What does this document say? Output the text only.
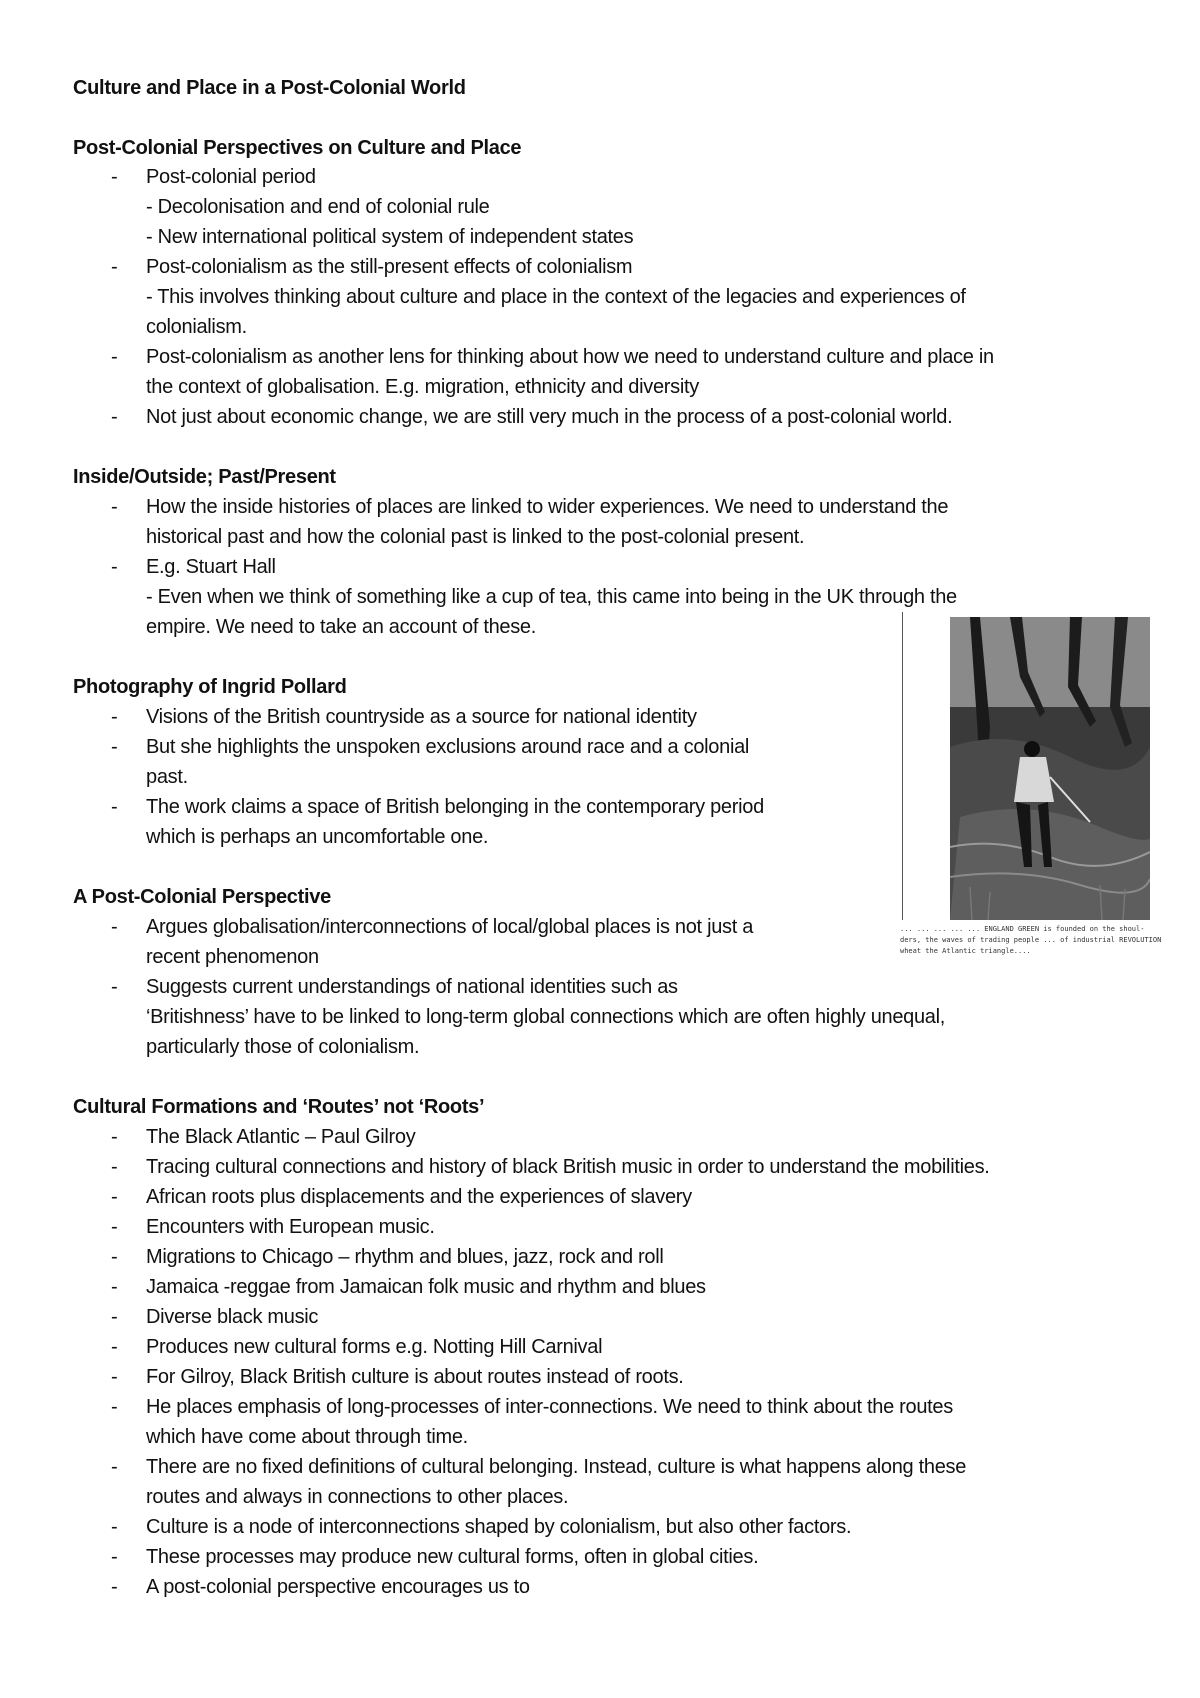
Culture and Place in a Post-Colonial World
Post-Colonial Perspectives on Culture and Place
- Post-colonial period
- Decolonisation and end of colonial rule
- New international political system of independent states
- Post-colonialism as the still-present effects of colonialism
- This involves thinking about culture and place in the context of the legacies and experiences of
colonialism.
- Post-colonialism as another lens for thinking about how we need to understand culture and place in
the context of globalisation. E.g. migration, ethnicity and diversity
- Not just about economic change, we are still very much in the process of a post-colonial world.
Inside/Outside; Past/Present
- How the inside histories of places are linked to wider experiences. We need to understand the
historical past and how the colonial past is linked to the post-colonial present.
- E.g. Stuart Hall
- Even when we think of something like a cup of tea, this came into being in the UK through the
empire. We need to take an account of these.
Photography of Ingrid Pollard
- Visions of the British countryside as a source for national identity
- But she highlights the unspoken exclusions around race and a colonial
past.
- The work claims a space of British belonging in the contemporary period
which is perhaps an uncomfortable one.
A Post-Colonial Perspective
- Argues globalisation/interconnections of local/global places is not just a
recent phenomenon
- Suggests current understandings of national identities such as
‘Britishness’ have to be linked to long-term global connections which are often highly unequal,
particularly those of colonialism.
Cultural Formations and ‘Routes’ not ‘Roots’
- The Black Atlantic – Paul Gilroy
- Tracing cultural connections and history of black British music in order to understand the mobilities.
- African roots plus displacements and the experiences of slavery
- Encounters with European music.
- Migrations to Chicago – rhythm and blues, jazz, rock and roll
- Jamaica -reggae from Jamaican folk music and rhythm and blues
- Diverse black music
- Produces new cultural forms e.g. Notting Hill Carnival
- For Gilroy, Black British culture is about routes instead of roots.
- He places emphasis of long-processes of inter-connections. We need to think about the routes
which have come about through time.
- There are no fixed definitions of cultural belonging. Instead, culture is what happens along these
routes and always in connections to other places.
- Culture is a node of interconnections shaped by colonialism, but also other factors.
- These processes may produce new cultural forms, often in global cities.
- A post-colonial perspective encourages us to
... ... ... ... ... ENGLAND GREEN is founded on the shoul-
ders, the waves of trading people ... of industrial REVOLUTION
wheat the Atlantic triangle....
